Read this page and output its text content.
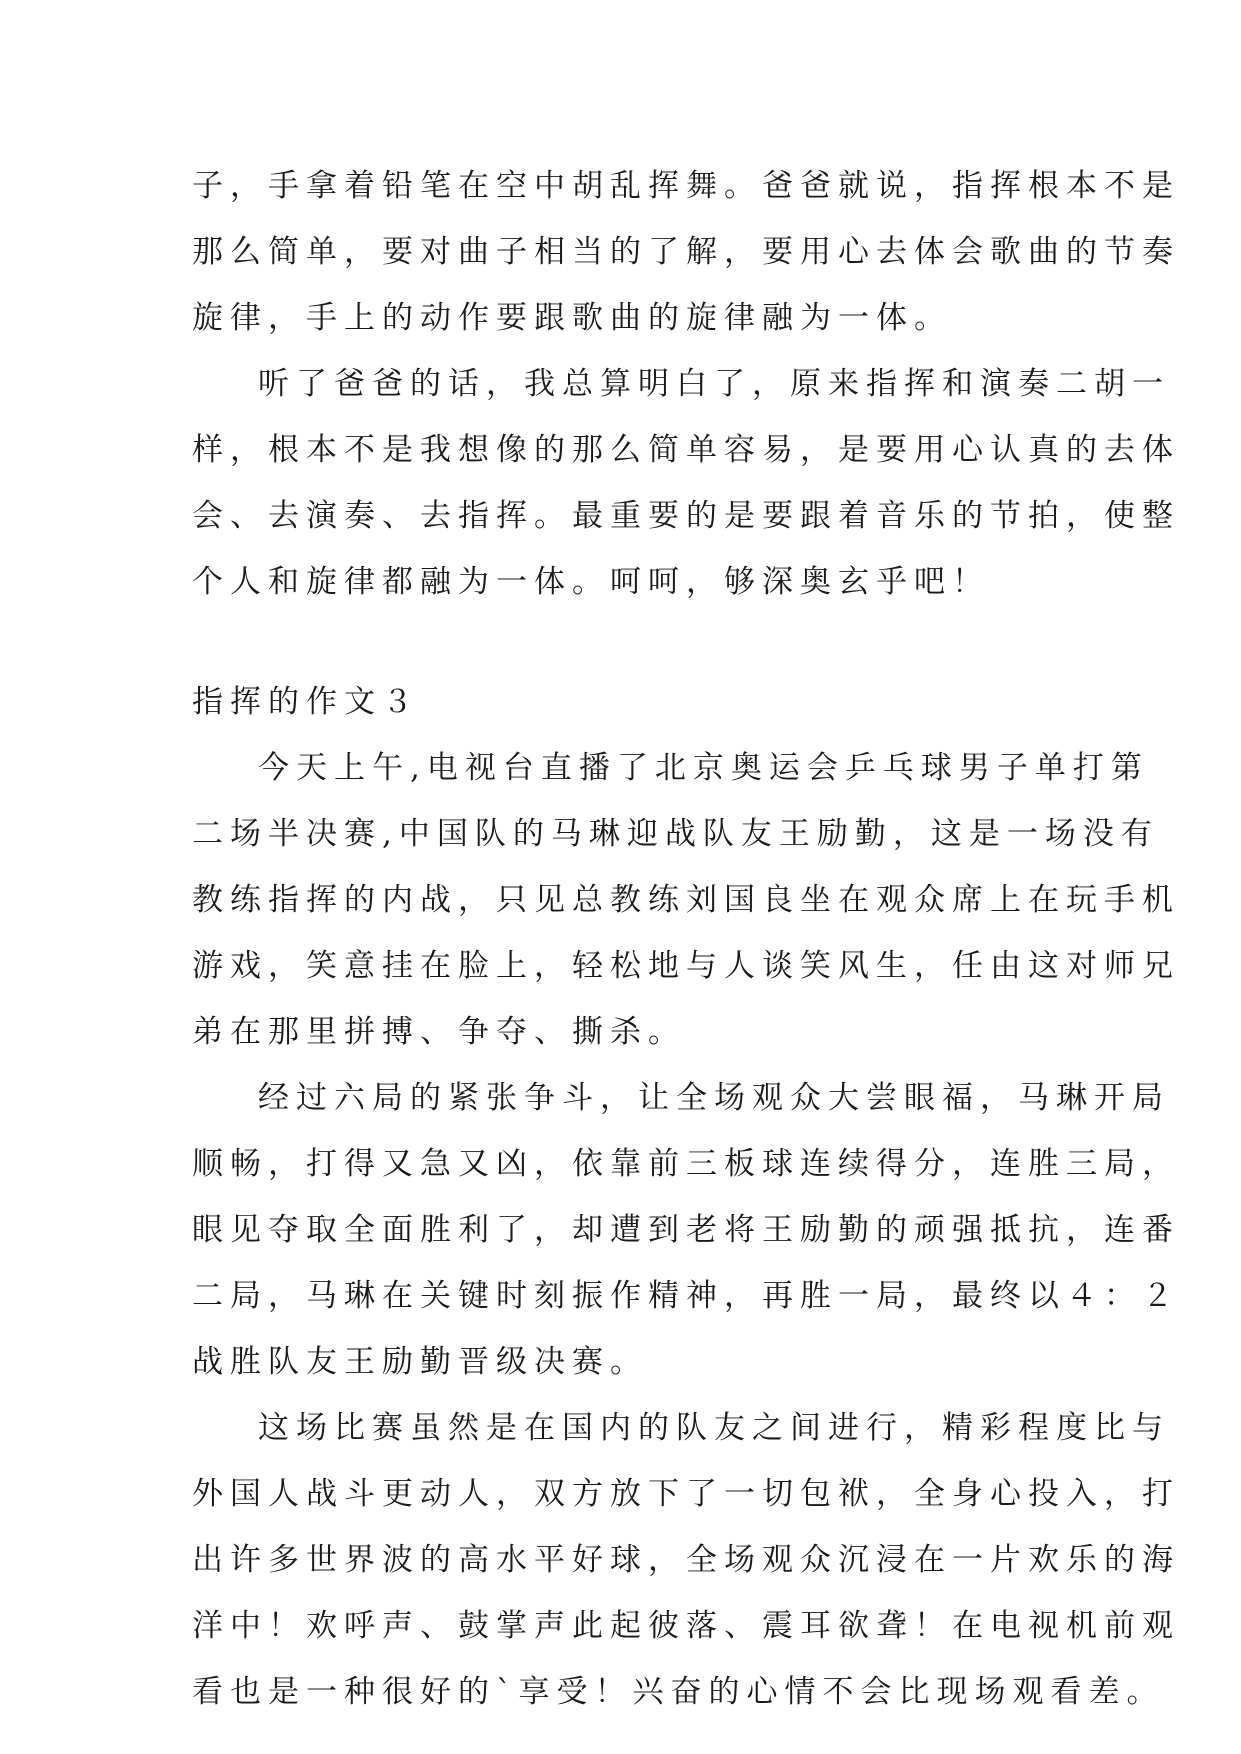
子，手拿着铅笔在空中胡乱挥舞。爸爸就说，指挥根本不是
那么简单，要对曲子相当的了解，要用心去体会歌曲的节奏
旋律，手上的动作要跟歌曲的旋律融为一体。
听了爸爸的话，我总算明白了，原来指挥和演奏二胡一
样，根本不是我想像的那么简单容易，是要用心认真的去体
会、去演奏、去指挥。最重要的是要跟着音乐的节拍，使整
个人和旋律都融为一体。呵呵，够深奥玄乎吧！
指挥的作文３
今天上午,电视台直播了北京奥运会乒乓球男子单打第
二场半决赛,中国队的马琳迎战队友王励勤，这是一场没有
教练指挥的内战，只见总教练刘国良坐在观众席上在玩手机
游戏，笑意挂在脸上，轻松地与人谈笑风生，任由这对师兄
弟在那里拼搏、争夺、撕杀。
经过六局的紧张争斗，让全场观众大尝眼福，马琳开局
顺畅，打得又急又凶，依靠前三板球连续得分，连胜三局，
眼见夺取全面胜利了，却遭到老将王励勤的顽强抵抗，连番
二局，马琳在关键时刻振作精神，再胜一局，最终以４：２
战胜队友王励勤晋级决赛。
这场比赛虽然是在国内的队友之间进行，精彩程度比与
外国人战斗更动人，双方放下了一切包袱，全身心投入，打
出许多世界波的高水平好球，全场观众沉浸在一片欢乐的海
洋中！欢呼声、鼓掌声此起彼落、震耳欲聋！在电视机前观
看也是一种很好的`享受！兴奋的心情不会比现场观看差。
